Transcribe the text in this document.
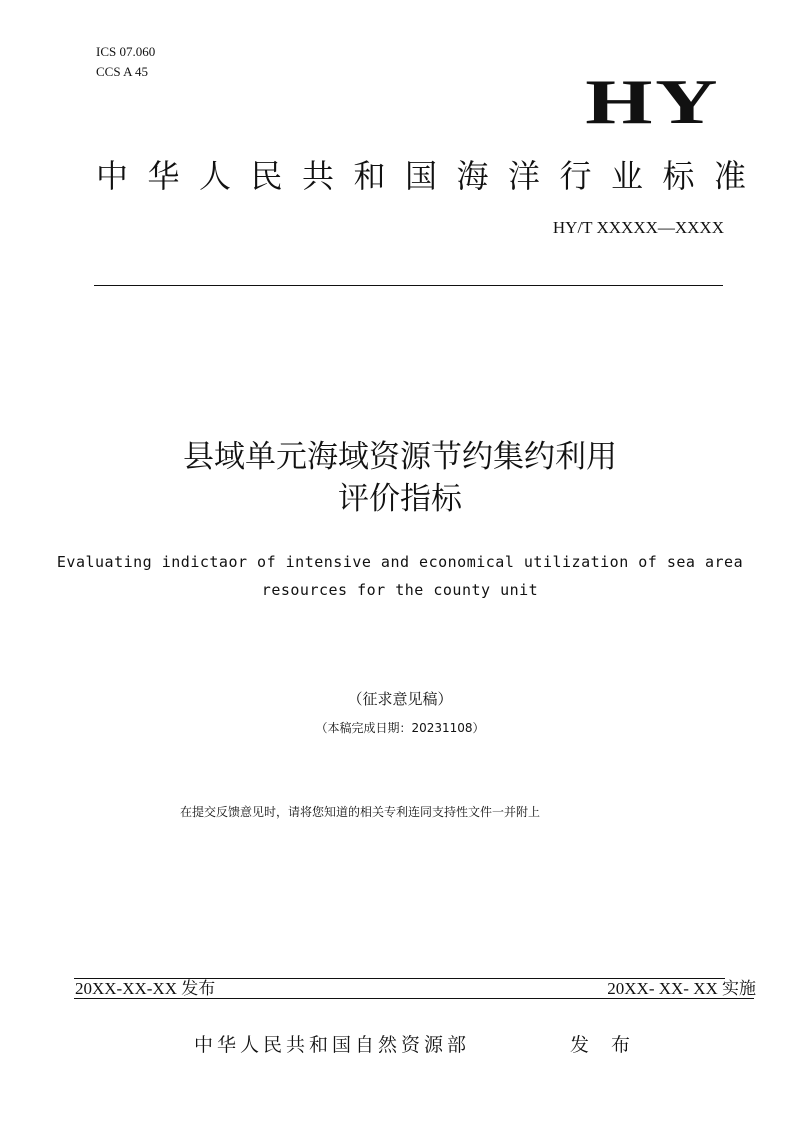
ICS 07.060
CCS A 45	HY
中华人民共和国海洋行业标准
HY/T XXXXX—XXXX
县域单元海域资源节约集约利用
评价指标
Evaluating indictaor of intensive and economical utilization of sea area
resources for the county unit
（征求意见稿）
（本稿完成日期：20231108）
在提交反馈意见时，请将您知道的相关专利连同支持性文件一并附上
20XX-XX-XX 发布	20XX- XX- XX 实施
中华人民共和国自然资源部	发 布
